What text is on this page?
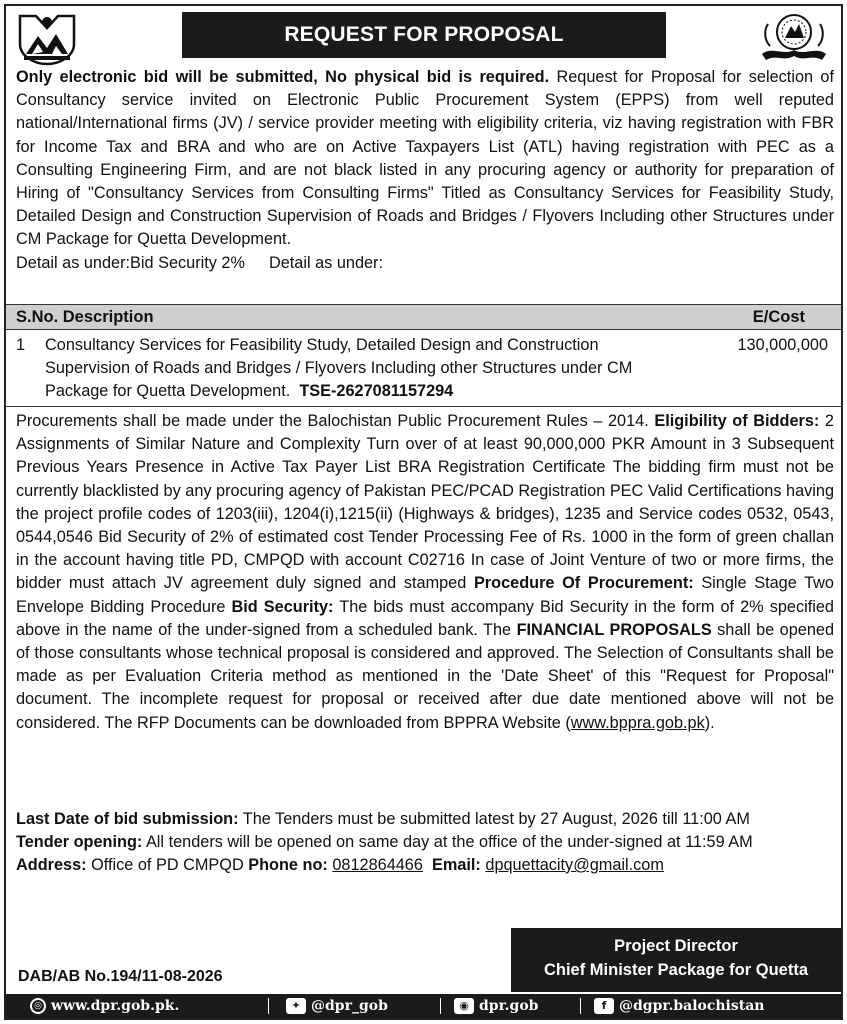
REQUEST FOR PROPOSAL

Only electronic bid will be submitted, No physical bid is required. Request for Proposal for selection of Consultancy service invited on Electronic Public Procurement System (EPPS) from well reputed national/International firms (JV) / service provider meeting with eligibility criteria, viz having registration with FBR for Income Tax and BRA and who are on Active Taxpayers List (ATL) having registration with PEC as a Consulting Engineering Firm, and are not black listed in any procuring agency or authority for preparation of Hiring of "Consultancy Services from Consulting Firms" Titled as Consultancy Services for Feasibility Study, Detailed Design and Construction Supervision of Roads and Bridges / Flyovers Including other Structures under CM Package for Quetta Development.

Detail as under:Bid Security 2% Detail as under:

S.No. Description	E/Cost
1 Consultancy Services for Feasibility Study, Detailed Design and Construction
Supervision of Roads and Bridges / Flyovers Including other Structures under CM
Package for Quetta Development. TSE-2627081157294
130,000,000

Procurements shall be made under the Balochistan Public Procurement Rules – 2014. Eligibility of Bidders: 2 Assignments of Similar Nature and Complexity Turn over of at least 90,000,000 PKR Amount in 3 Subsequent Previous Years Presence in Active Tax Payer List BRA Registration Certificate The bidding firm must not be currently blacklisted by any procuring agency of Pakistan PEC/PCAD Registration PEC Valid Certifications having the project profile codes of 1203(iii), 1204(i),1215(ii) (Highways & bridges), 1235 and Service codes 0532, 0543, 0544,0546 Bid Security of 2% of estimated cost Tender Processing Fee of Rs. 1000 in the form of green challan in the account having title PD, CMPQD with account C02716 In case of Joint Venture of two or more firms, the bidder must attach JV agreement duly signed and stamped Procedure Of Procurement: Single Stage Two Envelope Bidding Procedure Bid Security: The bids must accompany Bid Security in the form of 2% specified above in the name of the under-signed from a scheduled bank. The FINANCIAL PROPOSALS shall be opened of those consultants whose technical proposal is considered and approved. The Selection of Consultants shall be made as per Evaluation Criteria method as mentioned in the 'Date Sheet' of this "Request for Proposal" document. The incomplete request for proposal or received after due date mentioned above will not be considered. The RFP Documents can be downloaded from BPPRA Website (www.bppra.gob.pk).

Last Date of bid submission: The Tenders must be submitted latest by 27 August, 2026 till 11:00 AM
Tender opening: All tenders will be opened on same day at the office of the under-signed at 11:59 AM
Address: Office of PD CMPQD Phone no: 0812864466 Email: dpquettacity@gmail.com
Project Director
Chief Minister Package for Quetta
DAB/AB No.194/11-08-2026
◎ www.dpr.gob.pk.	✦ @dpr_gob	◉ dpr.gob	f @dgpr.balochistan
